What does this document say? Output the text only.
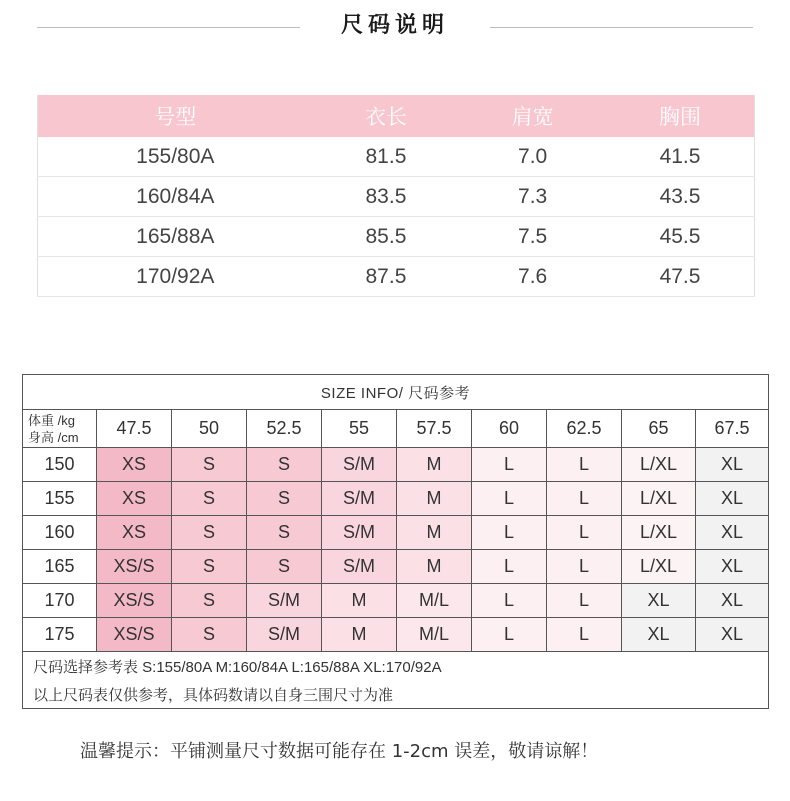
尺码说明
号型	衣长	肩宽	胸围
155/80A	81.5	7.0	41.5
160/84A	83.5	7.3	43.5
165/88A	85.5	7.5	45.5
170/92A	87.5	7.6	47.5
SIZE INFO/ 尺码参考									
体重 /kg
身高 /cm	47.5	50	52.5	55	57.5	60	62.5	65	67.5
150	XS	S	S	S/M	M	L	L	L/XL	XL
155	XS	S	S	S/M	M	L	L	L/XL	XL
160	XS	S	S	S/M	M	L	L	L/XL	XL
165	XS/S	S	S	S/M	M	L	L	L/XL	XL
170	XS/S	S	S/M	M	M/L	L	L	XL	XL
175	XS/S	S	S/M	M	M/L	L	L	XL	XL
尺码选择参考表 S:155/80A M:160/84A L:165/88A XL:170/92A									
以上尺码表仅供参考，具体码数请以自身三围尺寸为准									
温馨提示：平铺测量尺寸数据可能存在 1-2cm 误差，敬请谅解！
